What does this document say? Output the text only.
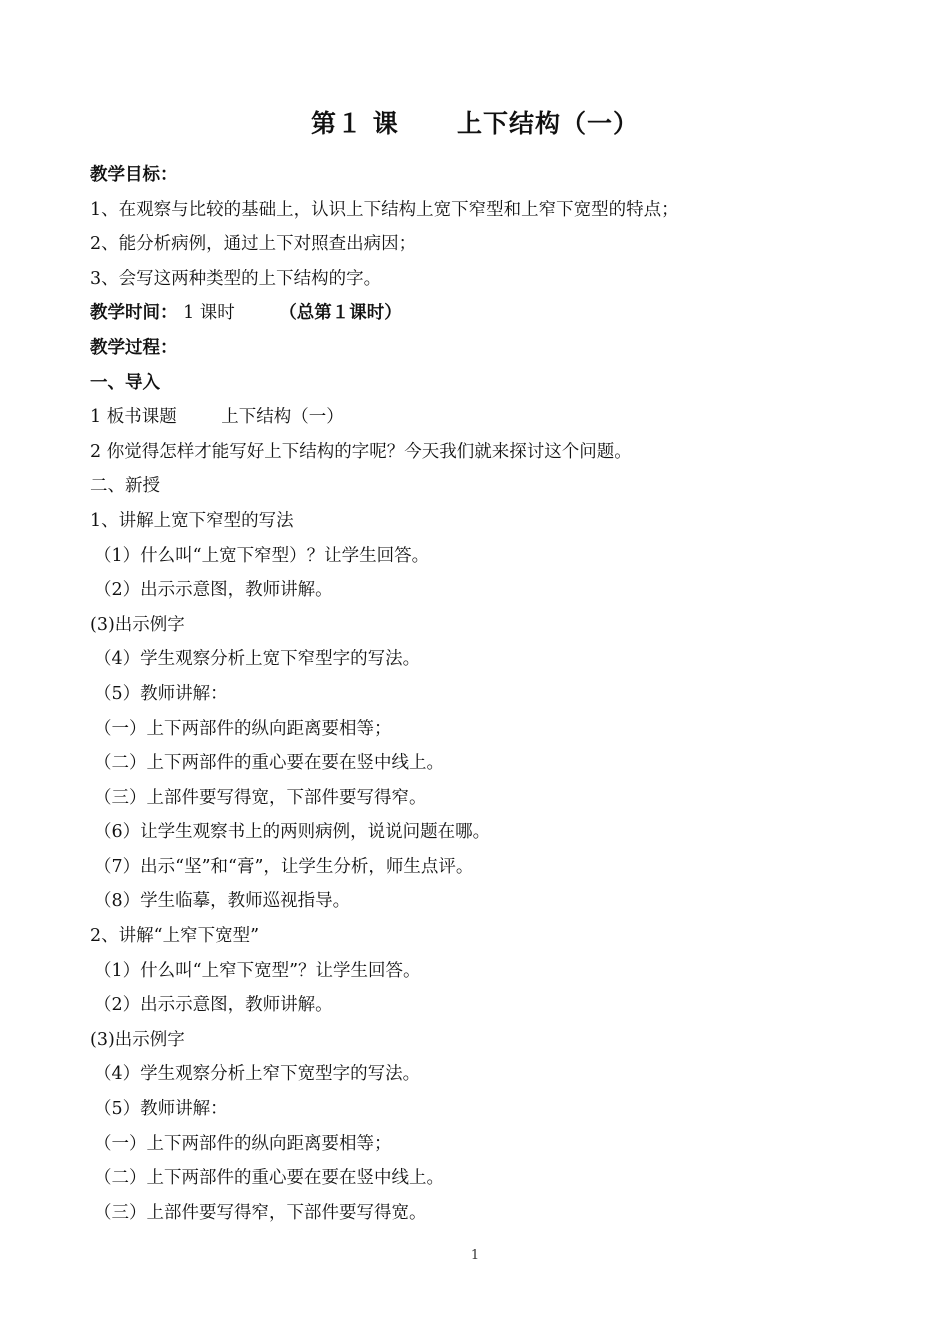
第１ 课      上下结构（一）
教学目标：
1、在观察与比较的基础上，认识上下结构上宽下窄型和上窄下宽型的特点；
2、能分析病例，通过上下对照查出病因；
3、会写这两种类型的上下结构的字。
教学时间： 1 课时        （总第１课时）
教学过程：
一、导入
1 板书课题        上下结构（一）
2 你觉得怎样才能写好上下结构的字呢？今天我们就来探讨这个问题。
二、新授
1、讲解上宽下窄型的写法
（1）什么叫“上宽下窄型）？让学生回答。
（2）出示示意图，教师讲解。
(3)出示例字
（4）学生观察分析上宽下窄型字的写法。
（5）教师讲解：
（一）上下两部件的纵向距离要相等；
（二）上下两部件的重心要在要在竖中线上。
（三）上部件要写得宽，下部件要写得窄。
（6）让学生观察书上的两则病例，说说问题在哪。
（7）出示“坚”和“膏”，让学生分析，师生点评。
（8）学生临摹，教师巡视指导。
2、讲解“上窄下宽型”
（1）什么叫“上窄下宽型”？让学生回答。
（2）出示示意图，教师讲解。
(3)出示例字
（4）学生观察分析上窄下宽型字的写法。
（5）教师讲解：
（一）上下两部件的纵向距离要相等；
（二）上下两部件的重心要在要在竖中线上。
（三）上部件要写得窄，下部件要写得宽。
1
